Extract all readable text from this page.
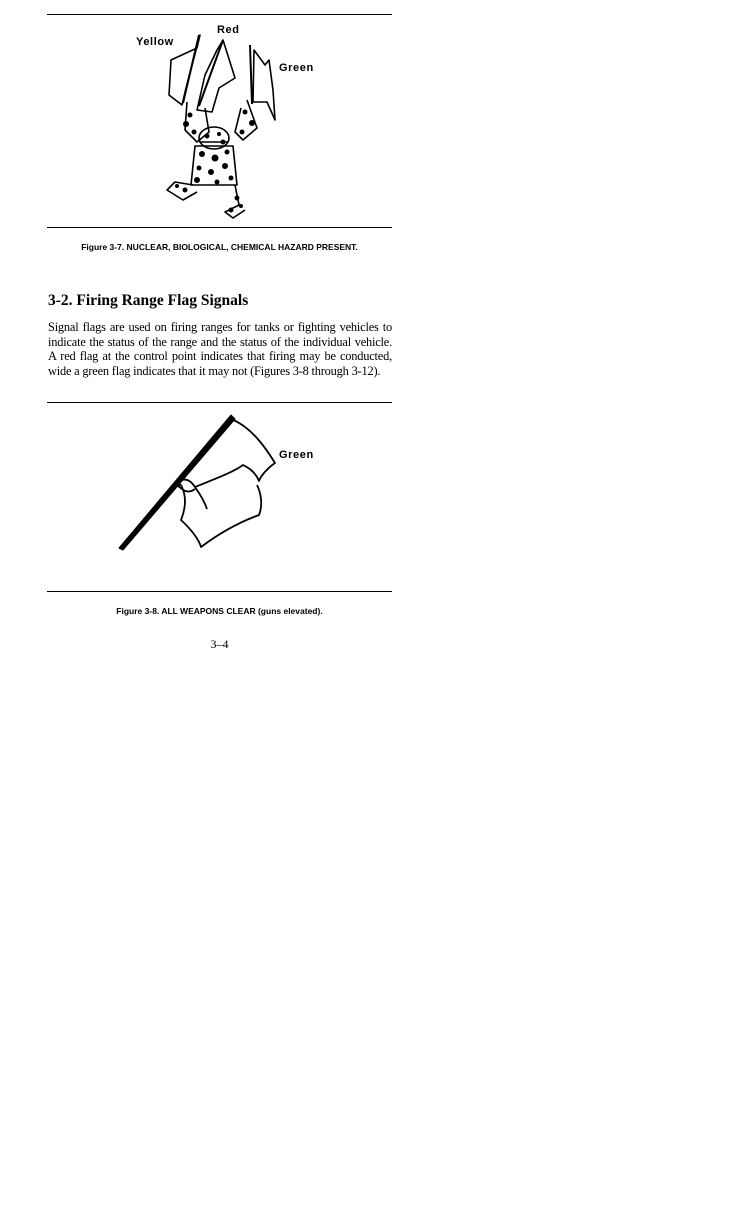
Yellow
Red
Green
Figure 3-7. NUCLEAR, BIOLOGICAL, CHEMICAL HAZARD PRESENT.
3-2. Firing Range Flag Signals

Signal flags are used on firing ranges for tanks or fighting vehicles to indicate the status of the range and the status of the individual vehicle. A red flag at the control point indicates that firing may be conducted, wide a green flag indicates that it may not (Figures 3-8 through 3-12).

Green
Figure 3-8. ALL WEAPONS CLEAR (guns elevated).
3–4
